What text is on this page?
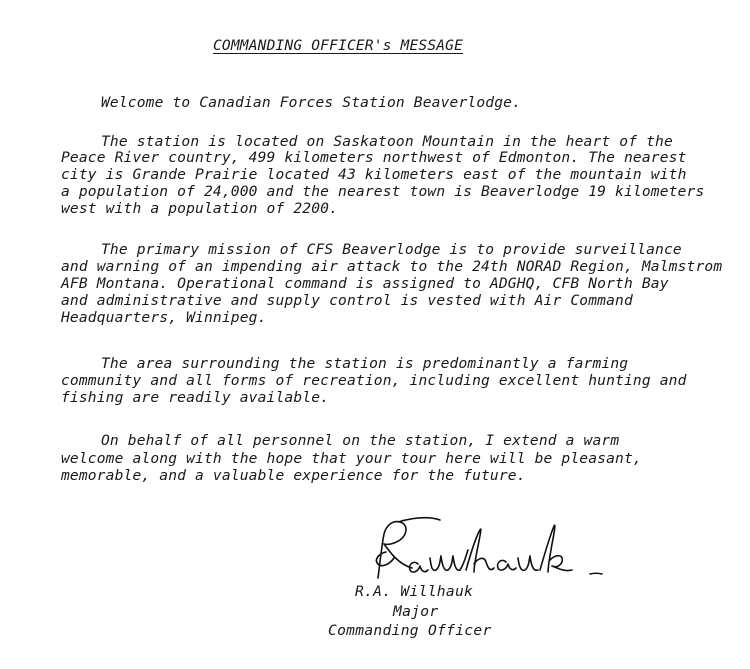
COMMANDING OFFICER's MESSAGE
Welcome to Canadian Forces Station Beaverlodge.
The station is located on Saskatoon Mountain in the heart of the
Peace River country, 499 kilometers northwest of Edmonton. The nearest
city is Grande Prairie located 43 kilometers east of the mountain with
a population of 24,000 and the nearest town is Beaverlodge 19 kilometers
west with a population of 2200.
The primary mission of CFS Beaverlodge is to provide surveillance
and warning of an impending air attack to the 24th NORAD Region, Malmstrom
AFB Montana. Operational command is assigned to ADGHQ, CFB North Bay
and administrative and supply control is vested with Air Command
Headquarters, Winnipeg.
The area surrounding the station is predominantly a farming
community and all forms of recreation, including excellent hunting and
fishing are readily available.
On behalf of all personnel on the station, I extend a warm
welcome along with the hope that your tour here will be pleasant,
memorable, and a valuable experience for the future.
R.A. Willhauk
Major
Commanding Officer
